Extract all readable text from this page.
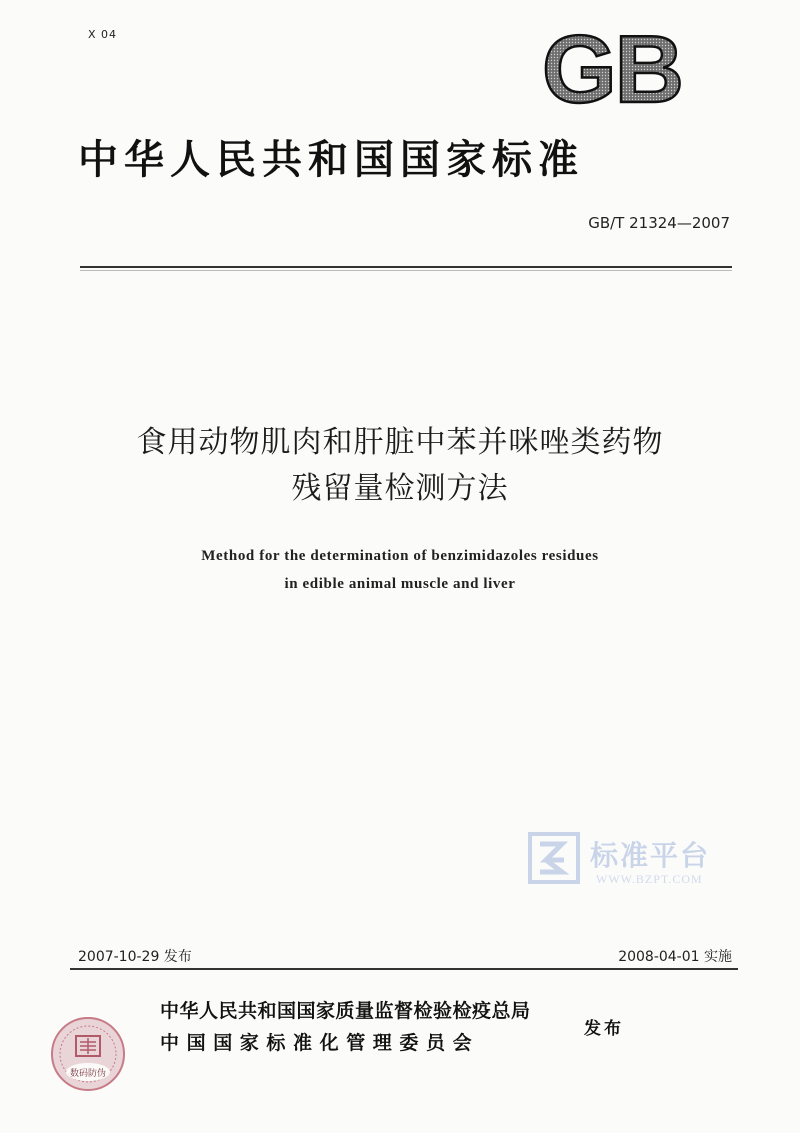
X 04	GB
中华人民共和国国家标准
GB/T 21324—2007
食用动物肌肉和肝脏中苯并咪唑类药物
残留量检测方法
Method for the determination of benzimidazoles residues
in edible animal muscle and liver
标准平台
WWW.BZPT.COM
2007-10-29 发布	2008-04-01 实施
中华人民共和国国家质量监督检验检疫总局
中国国家标准化管理委员会
发布
数码防伪
